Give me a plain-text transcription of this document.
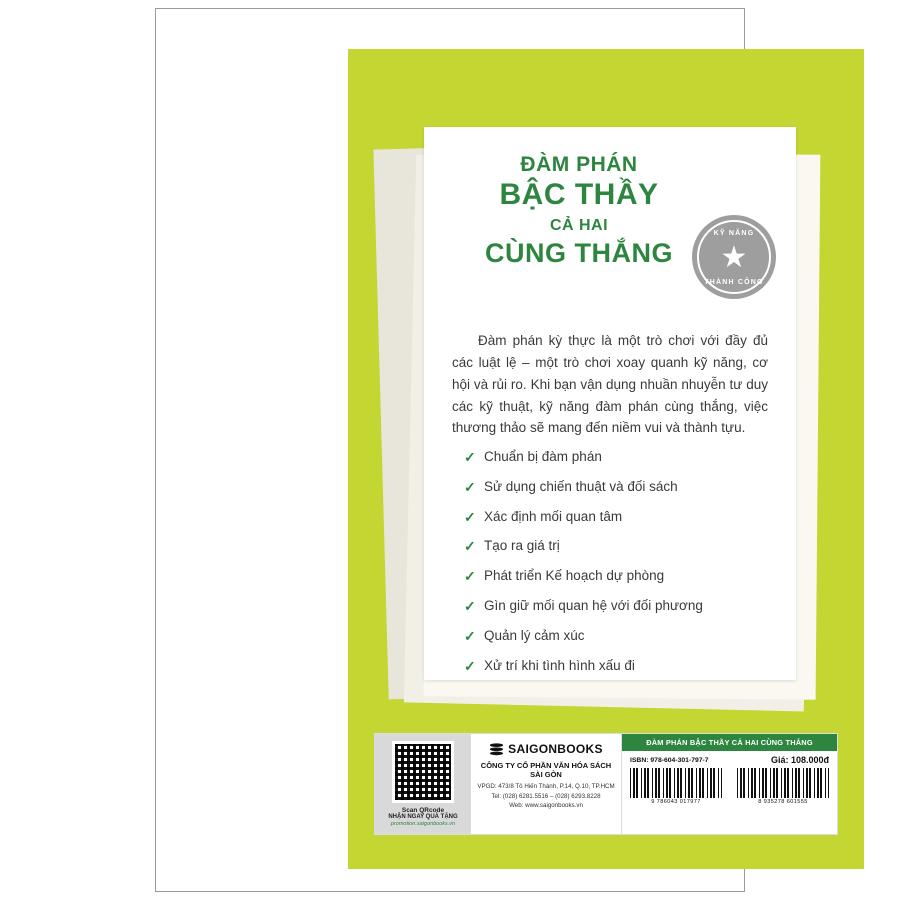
ĐÀM PHÁN
BẬC THẦY
CẢ HAI
CÙNG THẮNG
KỸ NĂNG
★
THÀNH CÔNG
Đàm phán kỳ thực là một trò chơi với đầy đủ các luật lệ – một trò chơi xoay quanh kỹ năng, cơ hội và rủi ro. Khi bạn vận dụng nhuần nhuyễn tư duy các kỹ thuật, kỹ năng đàm phán cùng thắng, việc thương thảo sẽ mang đến niềm vui và thành tựu.
✓ Chuẩn bị đàm phán
✓ Sử dụng chiến thuật và đối sách
✓ Xác định mối quan tâm
✓ Tạo ra giá trị
✓ Phát triển Kế hoạch dự phòng
✓ Gìn giữ mối quan hệ với đối phương
✓ Quản lý cảm xúc
✓ Xử trí khi tình hình xấu đi
Scan QRcode
NHẬN NGAY QUÀ TẶNG
promotion.saigonbooks.vn
SAIGONBOOKS
CÔNG TY CỔ PHẦN VĂN HÓA SÁCH SÀI GÒN
VPGD: 473/8 Tô Hiến Thành, P.14, Q.10, TP.HCM
Tel: (028) 6281.5516 – (028) 6293.8228
Web: www.saigonbooks.vn
ĐÀM PHÁN BẬC THẦY CẢ HAI CÙNG THẮNG
ISBN: 978-604-301-797-7	Giá: 108.000đ
9 786043 017977	8 935278 601555
